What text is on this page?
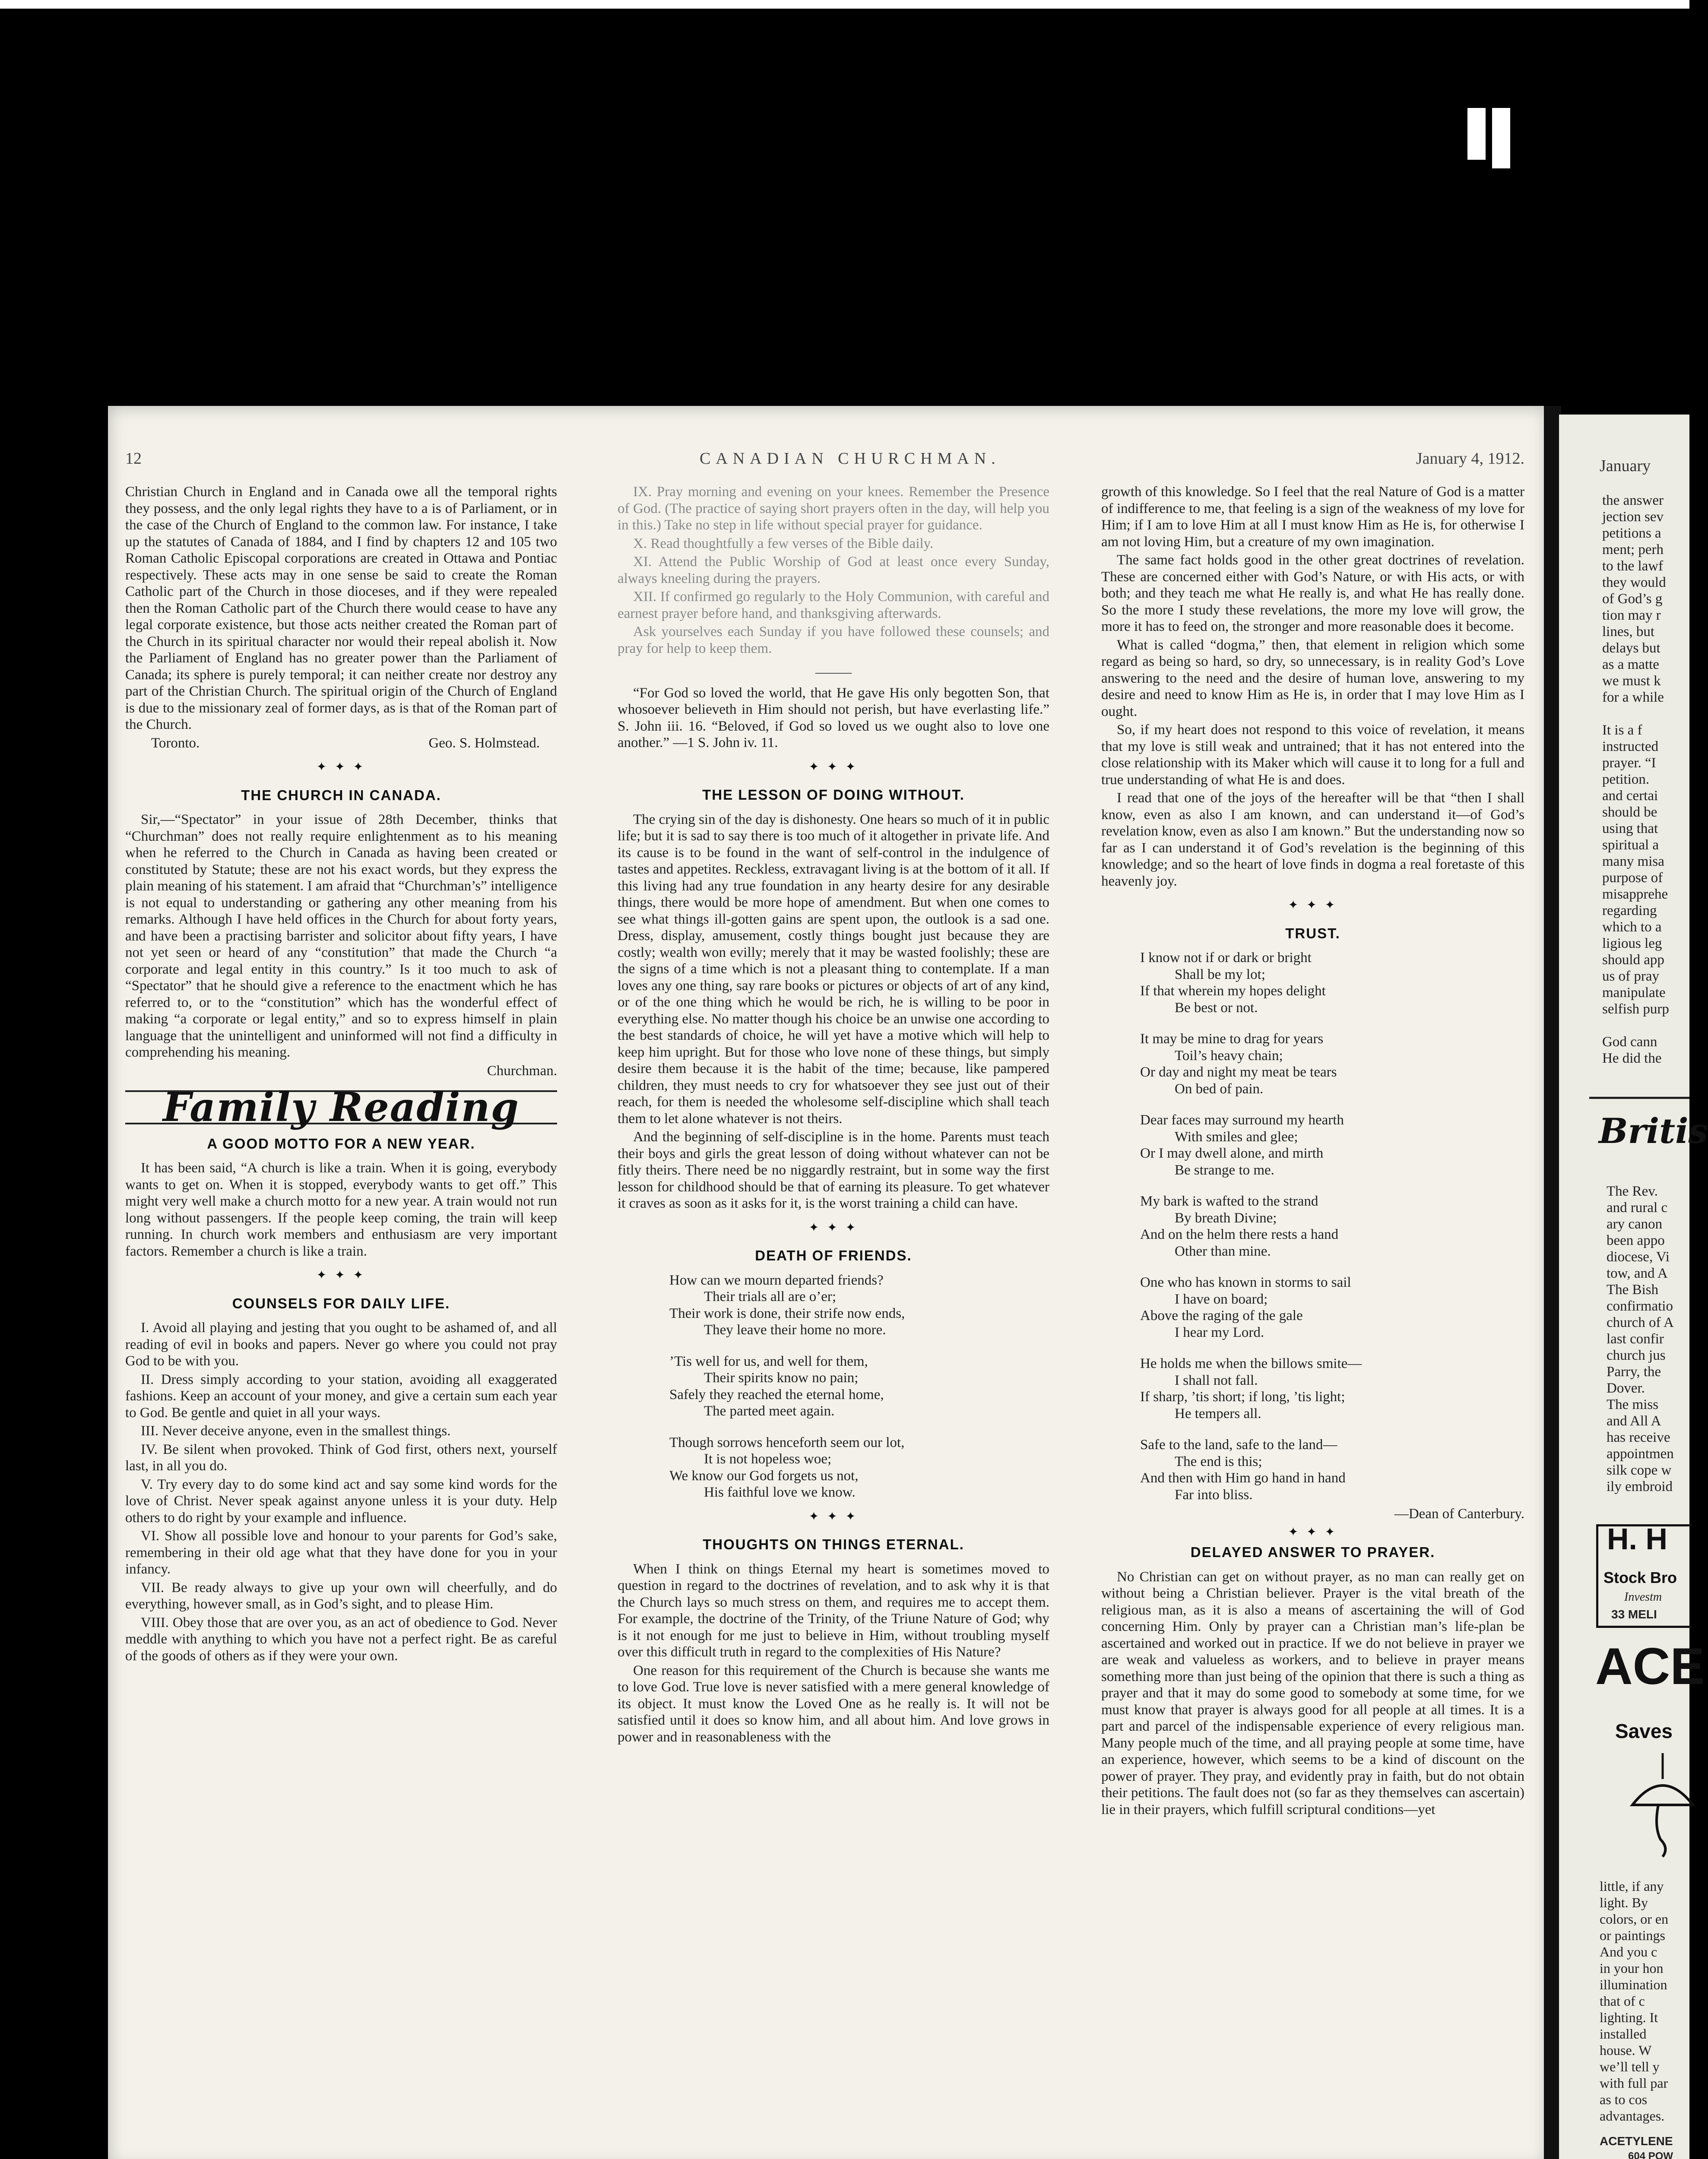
12	CANADIAN CHURCHMAN.	January 4, 1912.

Christian Church in England and in Canada owe all the temporal rights they possess, and the only legal rights they have to a is of Parliament, or in the case of the Church of England to the common law. For instance, I take up the statutes of Canada of 1884, and I find by chapters 12 and 105 two Roman Catholic Episcopal corporations are created in Ottawa and Pontiac respectively. These acts may in one sense be said to create the Roman Catholic part of the Church in those dioceses, and if they were repealed then the Roman Catholic part of the Church there would cease to have any legal corporate existence, but those acts neither created the Roman part of the Church in its spiritual character nor would their repeal abolish it. Now the Parliament of England has no greater power than the Parliament of Canada; its sphere is purely temporal; it can neither create nor destroy any part of the Christian Church. The spiritual origin of the Church of England is due to the missionary zeal of former days, as is that of the Roman part of the Church.

Toronto.	Geo. S. Holmstead.
✦ ✦ ✦
THE CHURCH IN CANADA.

Sir,—“Spectator” in your issue of 28th December, thinks that “Churchman” does not really require enlightenment as to his meaning when he referred to the Church in Canada as having been created or constituted by Statute; these are not his exact words, but they express the plain meaning of his statement. I am afraid that “Churchman’s” intelligence is not equal to understanding or gathering any other meaning from his remarks. Although I have held offices in the Church for about forty years, and have been a practising barrister and solicitor about fifty years, I have not yet seen or heard of any “constitution” that made the Church “a corporate and legal entity in this country.” Is it too much to ask of “Spectator” that he should give a reference to the enactment which he has referred to, or to the “constitution” which has the wonderful effect of making “a corporate or legal entity,” and so to express himself in plain language that the unintelligent and uninformed will not find a difficulty in comprehending his meaning.

Churchman.

Family Reading
A GOOD MOTTO FOR A NEW YEAR.

It has been said, “A church is like a train. When it is going, everybody wants to get on. When it is stopped, everybody wants to get off.” This might very well make a church motto for a new year. A train would not run long without passengers. If the people keep coming, the train will keep running. In church work members and enthusiasm are very important factors. Remember a church is like a train.

✦ ✦ ✦
COUNSELS FOR DAILY LIFE.

I. Avoid all playing and jesting that you ought to be ashamed of, and all reading of evil in books and papers. Never go where you could not pray God to be with you.

II. Dress simply according to your station, avoiding all exaggerated fashions. Keep an account of your money, and give a certain sum each year to God. Be gentle and quiet in all your ways.

III. Never deceive anyone, even in the smallest things.

IV. Be silent when provoked. Think of God first, others next, yourself last, in all you do.

V. Try every day to do some kind act and say some kind words for the love of Christ. Never speak against anyone unless it is your duty. Help others to do right by your example and influence.

VI. Show all possible love and honour to your parents for God’s sake, remembering in their old age what that they have done for you in your infancy.

VII. Be ready always to give up your own will cheerfully, and do everything, however small, as in God’s sight, and to please Him.

VIII. Obey those that are over you, as an act of obedience to God. Never meddle with anything to which you have not a perfect right. Be as careful of the goods of others as if they were your own.

IX. Pray morning and evening on your knees. Remember the Presence of God. (The practice of saying short prayers often in the day, will help you in this.) Take no step in life without special prayer for guidance.

X. Read thoughtfully a few verses of the Bible daily.

XI. Attend the Public Worship of God at least once every Sunday, always kneeling during the prayers.

XII. If confirmed go regularly to the Holy Communion, with careful and earnest prayer before hand, and thanksgiving afterwards.

Ask yourselves each Sunday if you have followed these counsels; and pray for help to keep them.

———

“For God so loved the world, that He gave His only begotten Son, that whosoever believeth in Him should not perish, but have everlasting life.” S. John iii. 16. “Beloved, if God so loved us we ought also to love one another.” —1 S. John iv. 11.

✦ ✦ ✦
THE LESSON OF DOING WITHOUT.

The crying sin of the day is dishonesty. One hears so much of it in public life; but it is sad to say there is too much of it altogether in private life. And its cause is to be found in the want of self-control in the indulgence of tastes and appetites. Reckless, extravagant living is at the bottom of it all. If this living had any true foundation in any hearty desire for any desirable things, there would be more hope of amendment. But when one comes to see what things ill-gotten gains are spent upon, the outlook is a sad one. Dress, display, amusement, costly things bought just because they are costly; wealth won evilly; merely that it may be wasted foolishly; these are the signs of a time which is not a pleasant thing to contemplate. If a man loves any one thing, say rare books or pictures or objects of art of any kind, or of the one thing which he would be rich, he is willing to be poor in everything else. No matter though his choice be an unwise one according to the best standards of choice, he will yet have a motive which will help to keep him upright. But for those who love none of these things, but simply desire them because it is the habit of the time; because, like pampered children, they must needs to cry for whatsoever they see just out of their reach, for them is needed the wholesome self-discipline which shall teach them to let alone whatever is not theirs.

And the beginning of self-discipline is in the home. Parents must teach their boys and girls the great lesson of doing without whatever can not be fitly theirs. There need be no niggardly restraint, but in some way the first lesson for childhood should be that of earning its pleasure. To get whatever it craves as soon as it asks for it, is the worst training a child can have.

✦ ✦ ✦
DEATH OF FRIENDS.
How can we mourn departed friends?
Their trials all are o’er;
Their work is done, their strife now ends,
They leave their home no more.
’Tis well for us, and well for them,
Their spirits know no pain;
Safely they reached the eternal home,
The parted meet again.
Though sorrows henceforth seem our lot,
It is not hopeless woe;
We know our God forgets us not,
His faithful love we know.
✦ ✦ ✦
THOUGHTS ON THINGS ETERNAL.

When I think on things Eternal my heart is sometimes moved to question in regard to the doctrines of revelation, and to ask why it is that the Church lays so much stress on them, and requires me to accept them. For example, the doctrine of the Trinity, of the Triune Nature of God; why is it not enough for me just to believe in Him, without troubling myself over this difficult truth in regard to the complexities of His Nature?

One reason for this requirement of the Church is because she wants me to love God. True love is never satisfied with a mere general knowledge of its object. It must know the Loved One as he really is. It will not be satisfied until it does so know him, and all about him. And love grows in power and in reasonableness with the

growth of this knowledge. So I feel that the real Nature of God is a matter of indifference to me, that feeling is a sign of the weakness of my love for Him; if I am to love Him at all I must know Him as He is, for otherwise I am not loving Him, but a creature of my own imagination.

The same fact holds good in the other great doctrines of revelation. These are concerned either with God’s Nature, or with His acts, or with both; and they teach me what He really is, and what He has really done. So the more I study these revelations, the more my love will grow, the more it has to feed on, the stronger and more reasonable does it become.

What is called “dogma,” then, that element in religion which some regard as being so hard, so dry, so unnecessary, is in reality God’s Love answering to the need and the desire of human love, answering to my desire and need to know Him as He is, in order that I may love Him as I ought.

So, if my heart does not respond to this voice of revelation, it means that my love is still weak and untrained; that it has not entered into the close relationship with its Maker which will cause it to long for a full and true understanding of what He is and does.

I read that one of the joys of the hereafter will be that “then I shall know, even as also I am known, and can understand it—of God’s revelation know, even as also I am known.” But the understanding now so far as I can understand it of God’s revelation is the beginning of this knowledge; and so the heart of love finds in dogma a real foretaste of this heavenly joy.

✦ ✦ ✦
TRUST.
I know not if or dark or bright
Shall be my lot;
If that wherein my hopes delight
Be best or not.
It may be mine to drag for years
Toil’s heavy chain;
Or day and night my meat be tears
On bed of pain.
Dear faces may surround my hearth
With smiles and glee;
Or I may dwell alone, and mirth
Be strange to me.
My bark is wafted to the strand
By breath Divine;
And on the helm there rests a hand
Other than mine.
One who has known in storms to sail
I have on board;
Above the raging of the gale
I hear my Lord.
He holds me when the billows smite—
I shall not fall.
If sharp, ’tis short; if long, ’tis light;
He tempers all.
Safe to the land, safe to the land—
The end is this;
And then with Him go hand in hand
Far into bliss.

—Dean of Canterbury.

✦ ✦ ✦
DELAYED ANSWER TO PRAYER.

No Christian can get on without prayer, as no man can really get on without being a Christian believer. Prayer is the vital breath of the religious man, as it is also a means of ascertaining the will of God concerning Him. Only by prayer can a Christian man’s life-plan be ascertained and worked out in practice. If we do not believe in prayer we are weak and valueless as workers, and to believe in prayer means something more than just being of the opinion that there is such a thing as prayer and that it may do some good to somebody at some time, for we must know that prayer is always good for all people at all times. It is a part and parcel of the indispensable experience of every religious man. Many people much of the time, and all praying people at some time, have an experience, however, which seems to be a kind of discount on the power of prayer. They pray, and evidently pray in faith, but do not obtain their petitions. The fault does not (so far as they themselves can ascertain) lie in their prayers, which fulfill scriptural conditions—yet

January
the answer
jection sev
petitions a
ment; perh
to the lawf
they would
of God’s g
tion may r
lines, but
delays but
as a matte
we must k
for a while
It is a f
instructed
prayer. “I
petition.
and certai
should be
using that
spiritual a
many misa
purpose of
misapprehe
regarding
which to a
ligious leg
should app
us of pray
manipulate
selfish purp
God cann
He did the
Britis
The Rev.
and rural c
ary canon
been appo
diocese, Vi
tow, and A
The Bish
confirmatio
church of A
last confir
church jus
Parry, the
Dover.
The miss
and All A
has receive
appointmen
silk cope w
ily embroid
H. H
Stock Bro
Investm
33 MELI
ACE
Saves
little, if any
light. By
colors, or en
or paintings
And you c
in your hon
illumination
that of c
lighting. It
installed
house. W
we’ll tell y
with full par
as to cos
advantages.
ACETYLENE
604 POW
